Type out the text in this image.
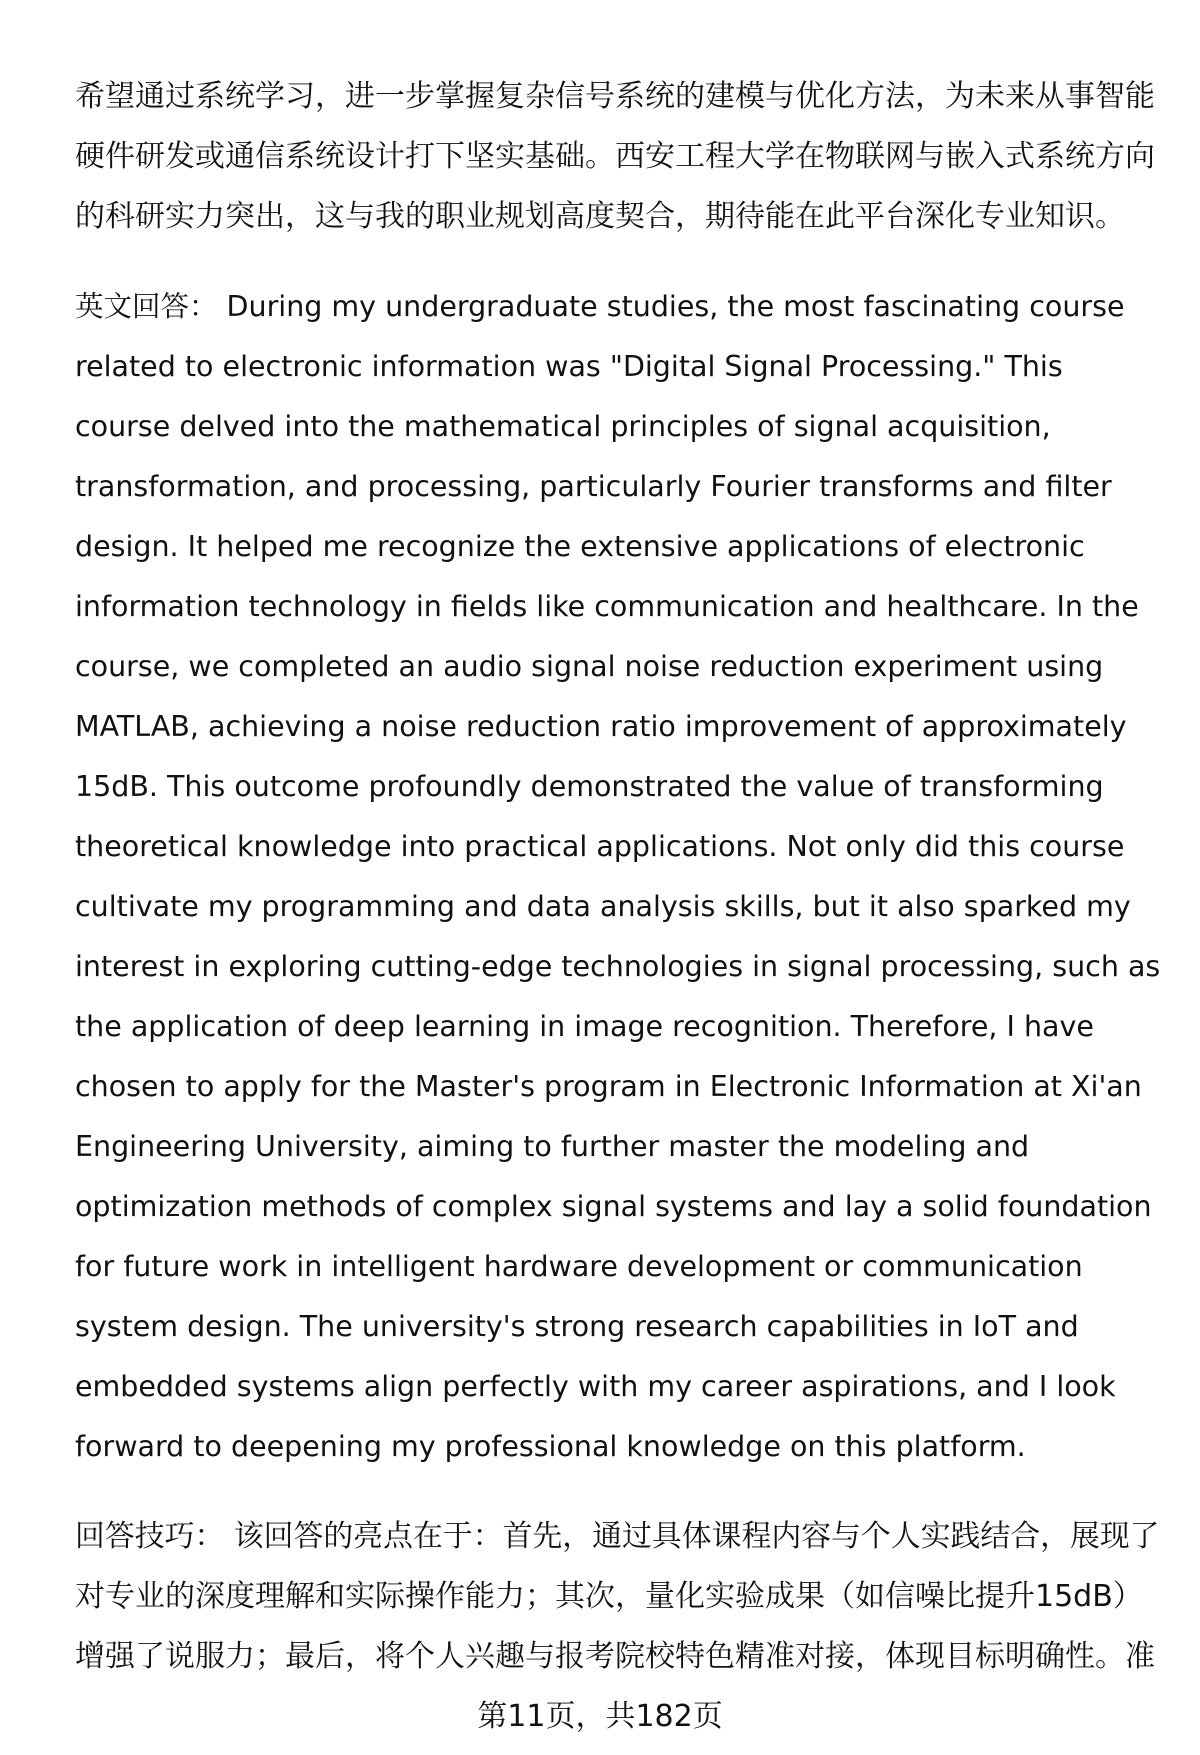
希望通过系统学习，进一步掌握复杂信号系统的建模与优化方法，为未来从事智能
硬件研发或通信系统设计打下坚实基础。西安工程大学在物联网与嵌入式系统方向
的科研实力突出，这与我的职业规划高度契合，期待能在此平台深化专业知识。
英文回答： During my undergraduate studies, the most fascinating course
related to electronic information was "Digital Signal Processing." This
course delved into the mathematical principles of signal acquisition,
transformation, and processing, particularly Fourier transforms and filter
design. It helped me recognize the extensive applications of electronic
information technology in fields like communication and healthcare. In the
course, we completed an audio signal noise reduction experiment using
MATLAB, achieving a noise reduction ratio improvement of approximately
15dB. This outcome profoundly demonstrated the value of transforming
theoretical knowledge into practical applications. Not only did this course
cultivate my programming and data analysis skills, but it also sparked my
interest in exploring cutting-edge technologies in signal processing, such as
the application of deep learning in image recognition. Therefore, I have
chosen to apply for the Master's program in Electronic Information at Xi'an
Engineering University, aiming to further master the modeling and
optimization methods of complex signal systems and lay a solid foundation
for future work in intelligent hardware development or communication
system design. The university's strong research capabilities in IoT and
embedded systems align perfectly with my career aspirations, and I look
forward to deepening my professional knowledge on this platform.
回答技巧： 该回答的亮点在于：首先，通过具体课程内容与个人实践结合，展现了
对专业的深度理解和实际操作能力；其次，量化实验成果（如信噪比提升15dB）
增强了说服力；最后，将个人兴趣与报考院校特色精准对接，体现目标明确性。准
第11页，共182页
